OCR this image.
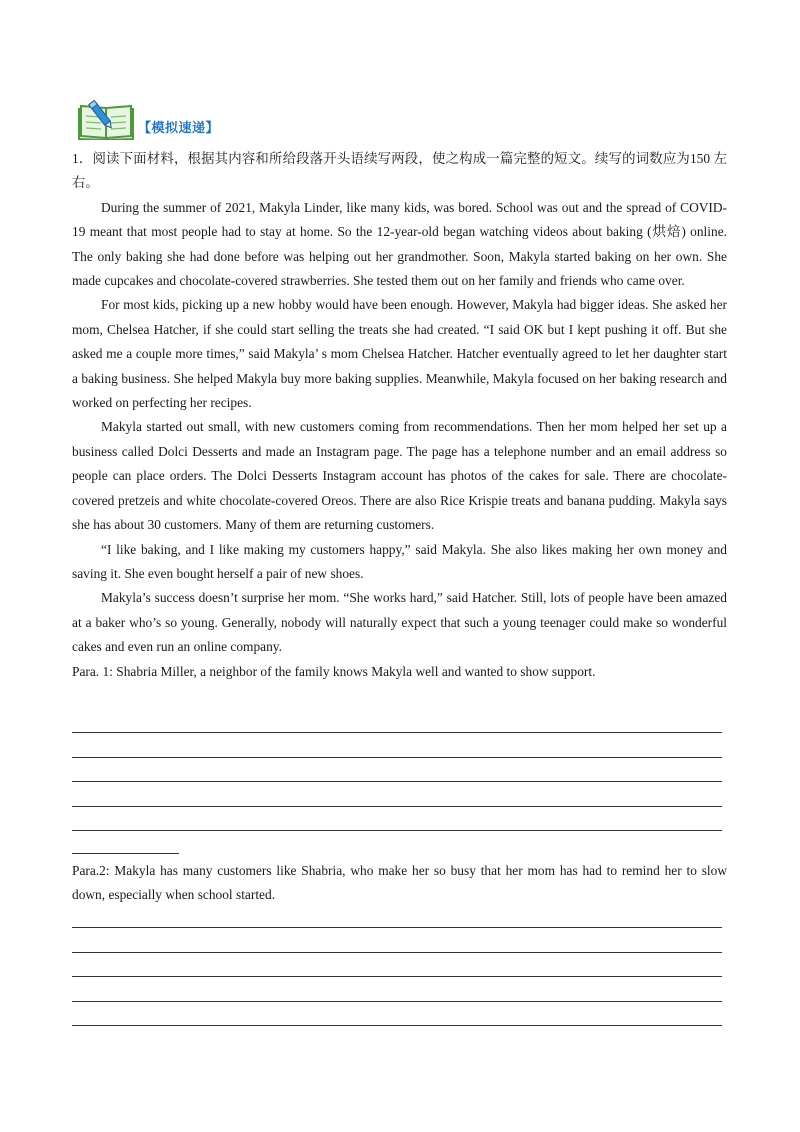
【模拟速递】

1．阅读下面材料，根据其内容和所给段落开头语续写两段，使之构成一篇完整的短文。续写的词数应为150 左右。

During the summer of 2021, Makyla Linder, like many kids, was bored. School was out and the spread of COVID-19 meant that most people had to stay at home. So the 12-year-old began watching videos about baking (烘焙) online. The only baking she had done before was helping out her grandmother. Soon, Makyla started baking on her own. She made cupcakes and chocolate-covered strawberries. She tested them out on her family and friends who came over.

For most kids, picking up a new hobby would have been enough. However, Makyla had bigger ideas. She asked her mom, Chelsea Hatcher, if she could start selling the treats she had created. “I said OK but I kept pushing it off. But she asked me a couple more times,” said Makyla’ s mom Chelsea Hatcher. Hatcher eventually agreed to let her daughter start a baking business. She helped Makyla buy more baking supplies. Meanwhile, Makyla focused on her baking research and worked on perfecting her recipes.

Makyla started out small, with new customers coming from recommendations. Then her mom helped her set up a business called Dolci Desserts and made an Instagram page. The page has a telephone number and an email address so people can place orders. The Dolci Desserts Instagram account has photos of the cakes for sale. There are chocolate-covered pretzeis and white chocolate-covered Oreos. There are also Rice Krispie treats and banana pudding. Makyla says she has about 30 customers. Many of them are returning customers.

“I like baking, and I like making my customers happy,” said Makyla. She also likes making her own money and saving it. She even bought herself a pair of new shoes.

Makyla’s success doesn’t surprise her mom. “She works hard,” said Hatcher. Still, lots of people have been amazed at a baker who’s so young. Generally, nobody will naturally expect that such a young teenager could make so wonderful cakes and even run an online company.

Para. 1: Shabria Miller, a neighbor of the family knows Makyla well and wanted to show support.

Para.2: Makyla has many customers like Shabria, who make her so busy that her mom has had to remind her to slow down, especially when school started.
